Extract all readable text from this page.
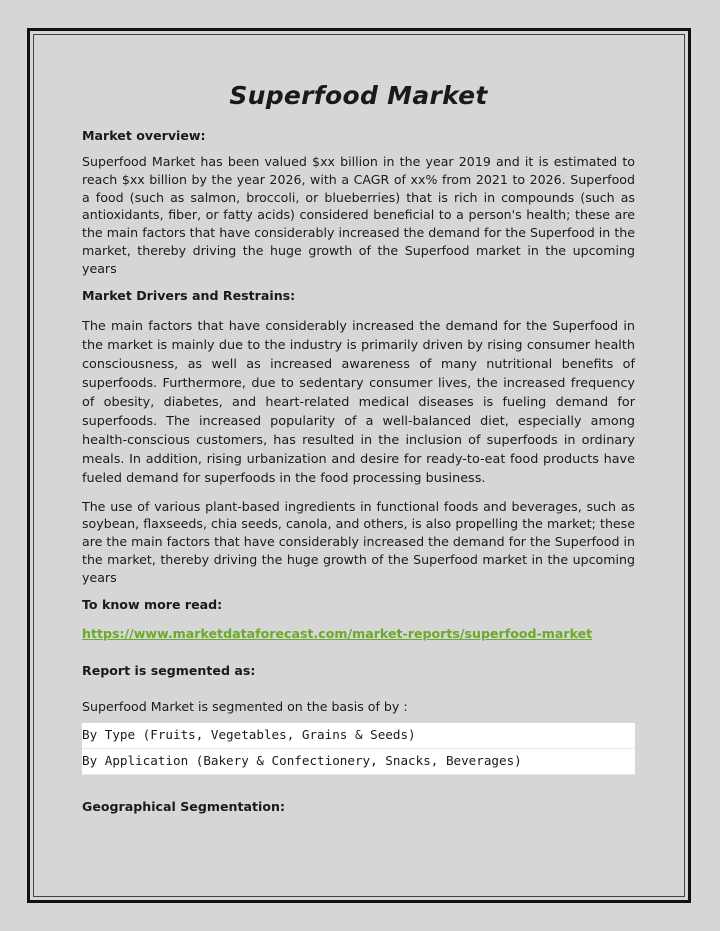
Superfood Market
Market overview:

Superfood Market has been valued $xx billion in the year 2019 and it is estimated to reach $xx billion by the year 2026, with a CAGR of xx% from 2021 to 2026. Superfood a food (such as salmon, broccoli, or blueberries) that is rich in compounds (such as antioxidants, fiber, or fatty acids) considered beneficial to a person's health; these are the main factors that have considerably increased the demand for the Superfood in the market, thereby driving the huge growth of the Superfood market in the upcoming years

Market Drivers and Restrains:

The main factors that have considerably increased the demand for the Superfood in the market is mainly due to the industry is primarily driven by rising consumer health consciousness, as well as increased awareness of many nutritional benefits of superfoods. Furthermore, due to sedentary consumer lives, the increased frequency of obesity, diabetes, and heart-related medical diseases is fueling demand for superfoods. The increased popularity of a well-balanced diet, especially among health-conscious customers, has resulted in the inclusion of superfoods in ordinary meals. In addition, rising urbanization and desire for ready-to-eat food products have fueled demand for superfoods in the food processing business.

The use of various plant-based ingredients in functional foods and beverages, such as soybean, flaxseeds, chia seeds, canola, and others, is also propelling the market; these are the main factors that have considerably increased the demand for the Superfood in the market, thereby driving the huge growth of the Superfood market in the upcoming years

To know more read:
https://www.marketdataforecast.com/market-reports/superfood-market
Report is segmented as:

Superfood Market is segmented on the basis of by :

By Type (Fruits, Vegetables, Grains & Seeds)
By Application (Bakery & Confectionery, Snacks, Beverages)
Geographical Segmentation:
